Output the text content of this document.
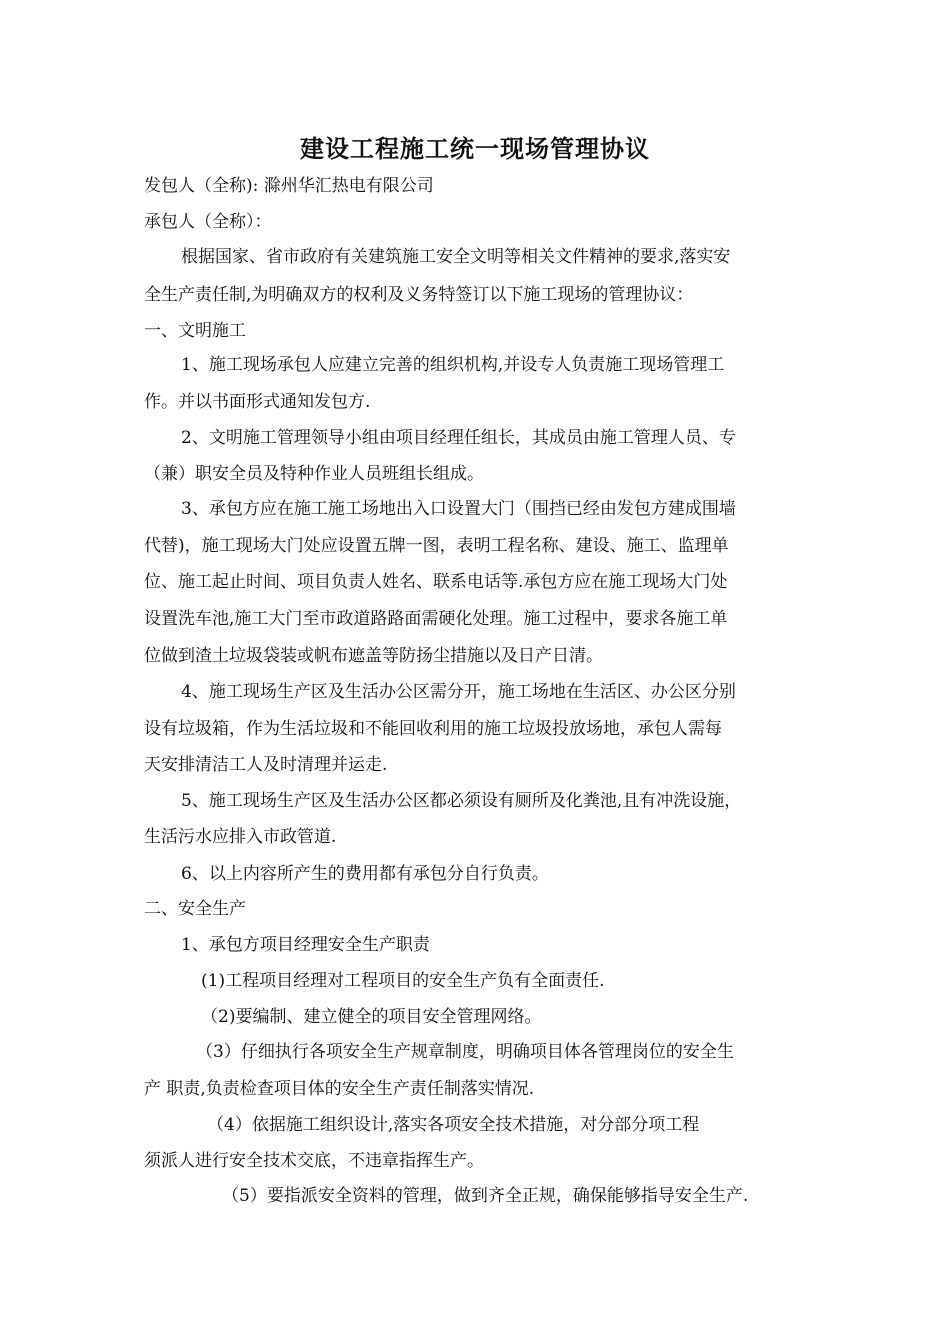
建设工程施工统一现场管理协议
发包人（全称): 滁州华汇热电有限公司
承包人（全称）：
根据国家、省市政府有关建筑施工安全文明等相关文件精神的要求,落实安
全生产责任制,为明确双方的权利及义务特签订以下施工现场的管理协议：
一、文明施工
1、施工现场承包人应建立完善的组织机构,并设专人负责施工现场管理工
作。并以书面形式通知发包方.
2、文明施工管理领导小组由项目经理任组长，其成员由施工管理人员、专
（兼）职安全员及特种作业人员班组长组成。
3、承包方应在施工施工场地出入口设置大门（围挡已经由发包方建成围墙
代替)，施工现场大门处应设置五牌一图，表明工程名称、建设、施工、监理单
位、施工起止时间、项目负责人姓名、联系电话等.承包方应在施工现场大门处
设置洗车池,施工大门至市政道路路面需硬化处理。施工过程中，要求各施工单
位做到渣土垃圾袋装或帆布遮盖等防扬尘措施以及日产日清。
4、施工现场生产区及生活办公区需分开，施工场地在生活区、办公区分别
设有垃圾箱，作为生活垃圾和不能回收利用的施工垃圾投放场地，承包人需每
天安排清洁工人及时清理并运走.
5、施工现场生产区及生活办公区都必须设有厕所及化粪池,且有冲洗设施，
生活污水应排入市政管道.
6、以上内容所产生的费用都有承包分自行负责。
二、安全生产
1、承包方项目经理安全生产职责
(1)工程项目经理对工程项目的安全生产负有全面责任.
（2)要编制、建立健全的项目安全管理网络。
（3）仔细执行各项安全生产规章制度，明确项目体各管理岗位的安全生
产 职责,负责检查项目体的安全生产责任制落实情况.
（4）依据施工组织设计,落实各项安全技术措施，对分部分项工程
须派人进行安全技术交底，不违章指挥生产。
（5）要指派安全资料的管理，做到齐全正规，确保能够指导安全生产.
